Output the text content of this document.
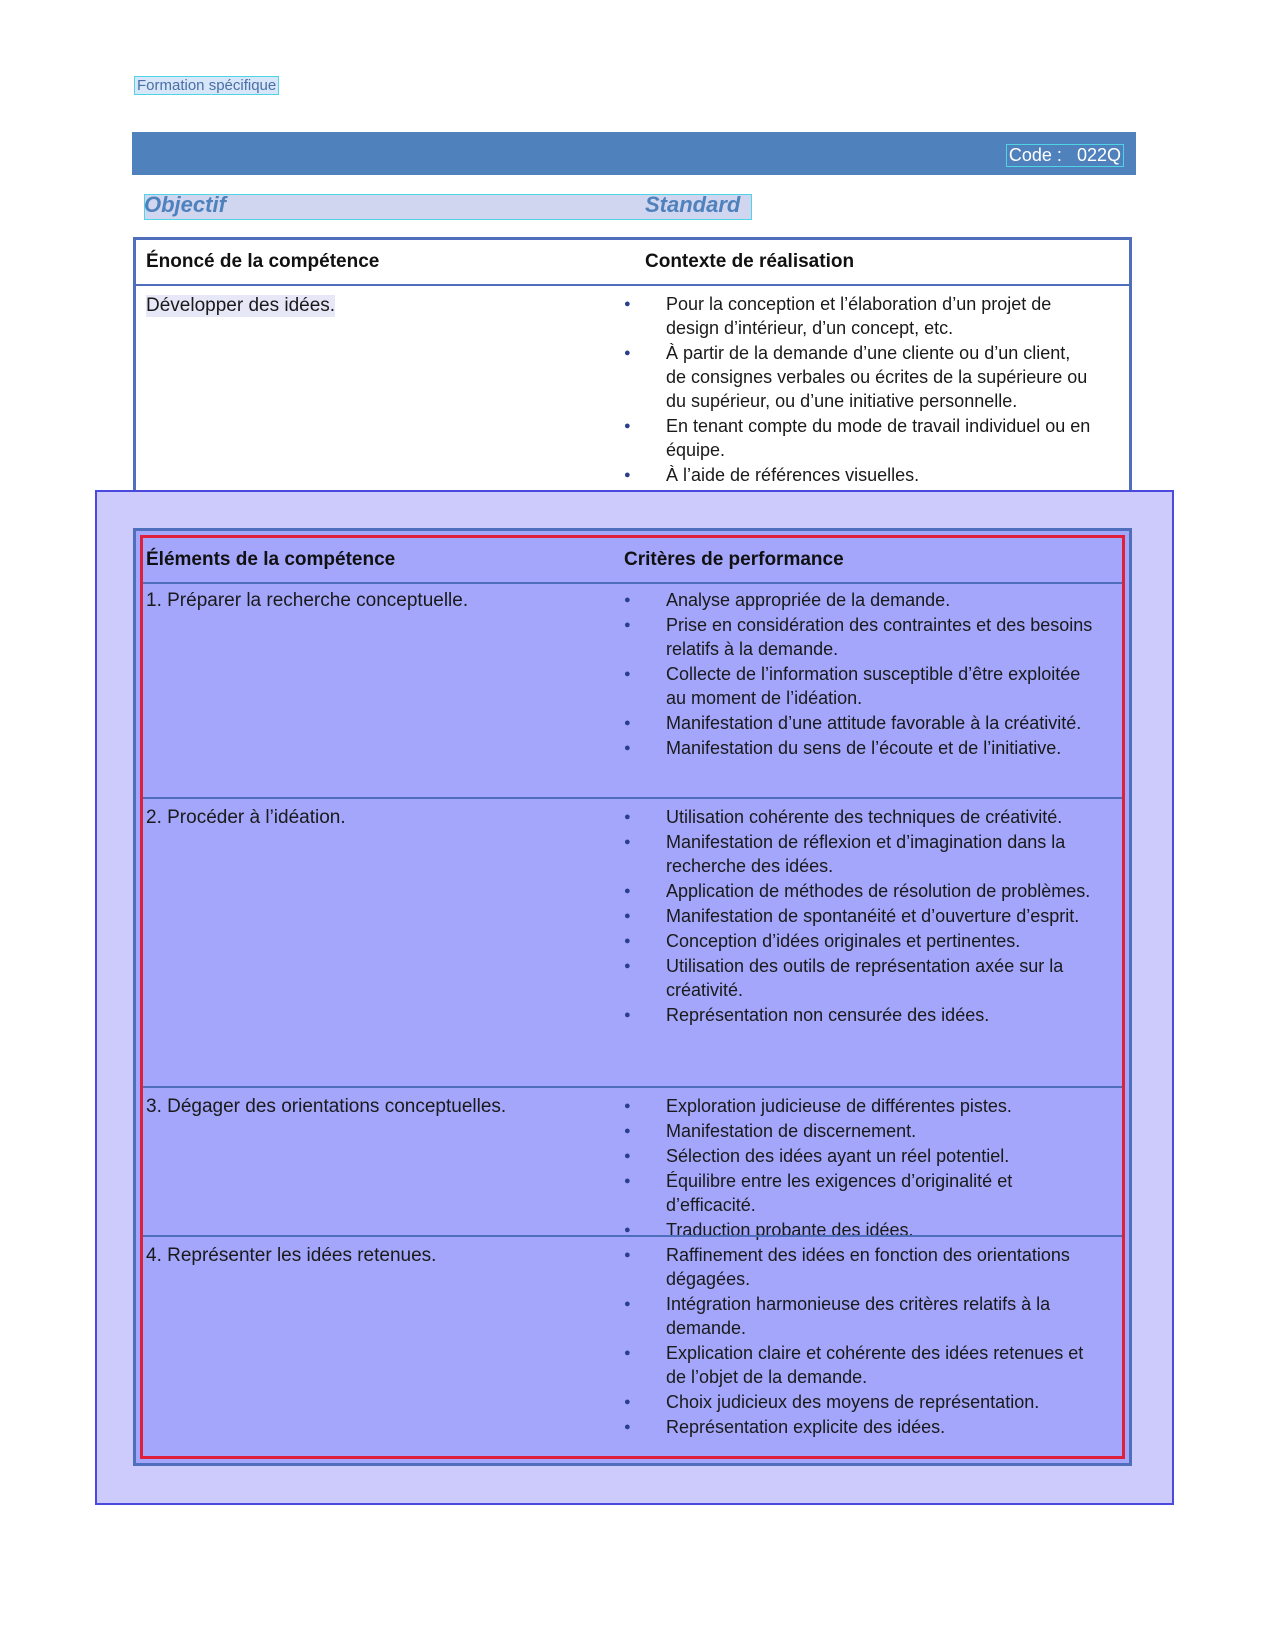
Formation spécifique
Code : 022Q
Objectif	Standard
Énoncé de la compétence	Contexte de réalisation
Développer des idées.	● Pour la conception et l’élaboration d’un projet de design d’intérieur, d’un concept, etc.
● À partir de la demande d’une cliente ou d’un client, de consignes verbales ou écrites de la supérieure ou du supérieur, ou d’une initiative personnelle.
● En tenant compte du mode de travail individuel ou en équipe.
● À l’aide de références visuelles.
Éléments de la compétence	Critères de performance
1. Préparer la recherche conceptuelle.	● Analyse appropriée de la demande.
● Prise en considération des contraintes et des besoins relatifs à la demande.
● Collecte de l’information susceptible d’être exploitée au moment de l’idéation.
● Manifestation d’une attitude favorable à la créativité.
● Manifestation du sens de l’écoute et de l’initiative.
2. Procéder à l’idéation.	● Utilisation cohérente des techniques de créativité.
● Manifestation de réflexion et d’imagination dans la recherche des idées.
● Application de méthodes de résolution de problèmes.
● Manifestation de spontanéité et d’ouverture d’esprit.
● Conception d’idées originales et pertinentes.
● Utilisation des outils de représentation axée sur la créativité.
● Représentation non censurée des idées.
3. Dégager des orientations conceptuelles.	● Exploration judicieuse de différentes pistes.
● Manifestation de discernement.
● Sélection des idées ayant un réel potentiel.
● Équilibre entre les exigences d’originalité et d’efficacité.
● Traduction probante des idées.
4. Représenter les idées retenues.	● Raffinement des idées en fonction des orientations dégagées.
● Intégration harmonieuse des critères relatifs à la demande.
● Explication claire et cohérente des idées retenues et de l’objet de la demande.
● Choix judicieux des moyens de représentation.
● Représentation explicite des idées.
